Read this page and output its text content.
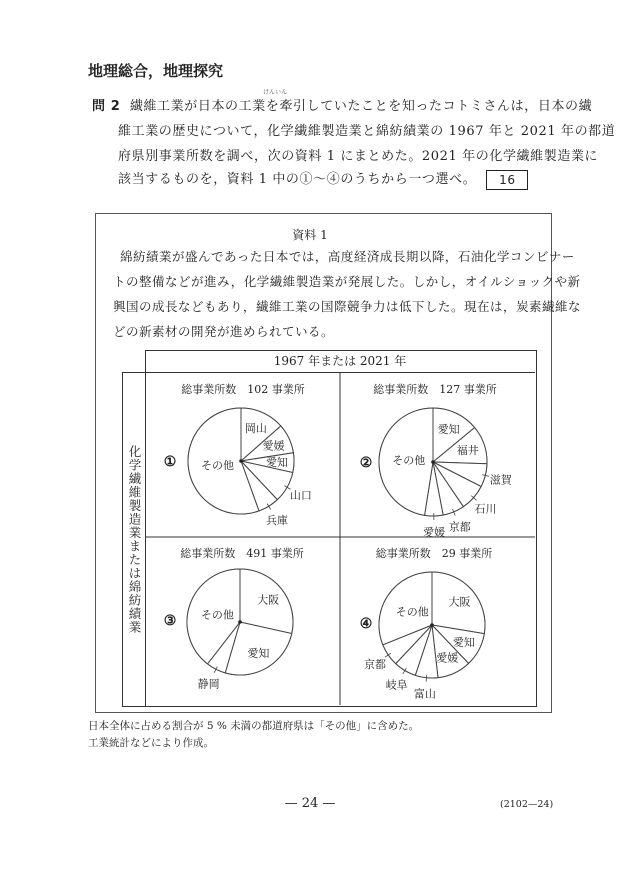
地理総合，地理探究
けんいん
問 2 繊維工業が日本の工業を牽引していたことを知ったコトミさんは，日本の繊
維工業の歴史について，化学繊維製造業と綿紡績業の 1967 年と 2021 年の都道
府県別事業所数を調べ，次の資料 1 にまとめた。2021 年の化学繊維製造業に
該当するものを，資料 1 中の①～④のうちから一つ選べ。 16
資料 1
綿紡績業が盛んであった日本では，高度経済成長期以降，石油化学コンビナー
トの整備などが進み，化学繊維製造業が発展した。しかし，オイルショックや新
興国の成長などもあり，繊維工業の国際競争力は低下した。現在は，炭素繊維な
どの新素材の開発が進められている。
1967 年または 2021 年
化学繊維製造業または綿紡績業
総事業所数　102 事業所
①
岡山
愛媛
愛知
山口
兵庫
その他
総事業所数　127 事業所
②
愛知
福井
滋賀
石川
京都
愛媛
その他
総事業所数　491 事業所
③
大阪
愛知
静岡
その他
総事業所数　29 事業所
④
大阪
愛知
愛媛
富山
岐阜
京都
その他
日本全体に占める割合が 5 % 未満の都道府県は「その他」に含めた。
工業統計などにより作成。
— 24 —	(2102—24)
